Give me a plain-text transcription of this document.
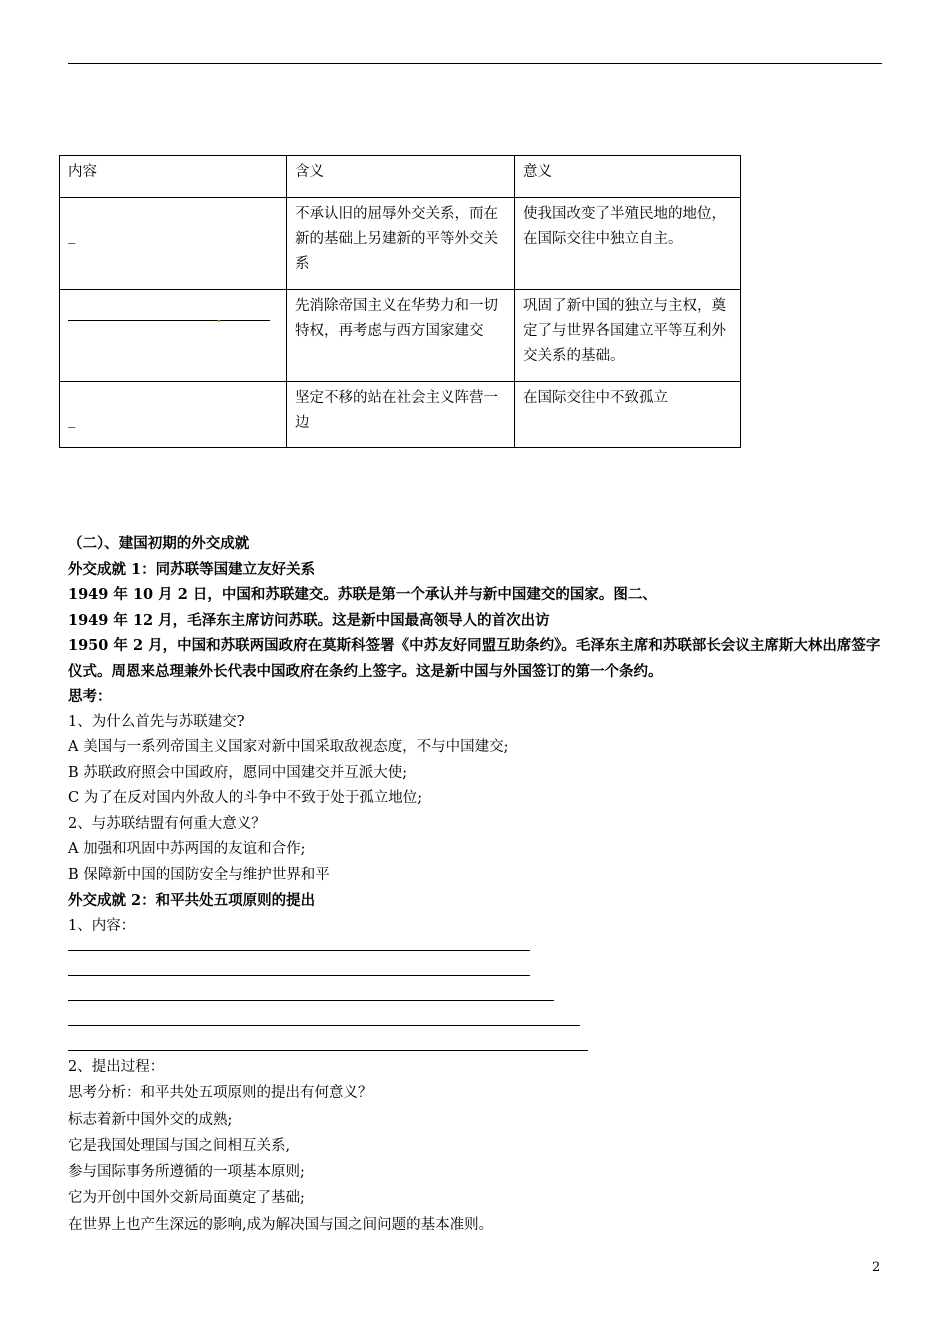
内容	含义	意义
_	不承认旧的屈辱外交关系，而在新的基础上另建新的平等外交关系	使我国改变了半殖民地的地位，在国际交往中独立自主。

	先消除帝国主义在华势力和一切特权，再考虑与西方国家建交	巩固了新中国的独立与主权，奠定了与世界各国建立平等互利外交关系的基础。
_	坚定不移的站在社会主义阵营一边	在国际交往中不致孤立

（二）、建国初期的外交成就

外交成就 1：同苏联等国建立友好关系

1949 年 10 月 2 日，中国和苏联建交。苏联是第一个承认并与新中国建交的国家。图二、

1949 年 12 月，毛泽东主席访问苏联。这是新中国最高领导人的首次出访

1950 年 2 月，中国和苏联两国政府在莫斯科签署《中苏友好同盟互助条约》。毛泽东主席和苏联部长会议主席斯大林出席签字仪式。周恩来总理兼外长代表中国政府在条约上签字。这是新中国与外国签订的第一个条约。

思考：

1、为什么首先与苏联建交?

A 美国与一系列帝国主义国家对新中国采取敌视态度，不与中国建交;

B 苏联政府照会中国政府，愿同中国建交并互派大使;

C 为了在反对国内外敌人的斗争中不致于处于孤立地位;

2、与苏联结盟有何重大意义？

A 加强和巩固中苏两国的友谊和合作;

B 保障新中国的国防安全与维护世界和平

外交成就 2：和平共处五项原则的提出

1、内容：

2、提出过程：

思考分析：和平共处五项原则的提出有何意义？

标志着新中国外交的成熟;

它是我国处理国与国之间相互关系,

参与国际事务所遵循的一项基本原则;

它为开创中国外交新局面奠定了基础;

在世界上也产生深远的影响,成为解决国与国之间问题的基本准则。

2
